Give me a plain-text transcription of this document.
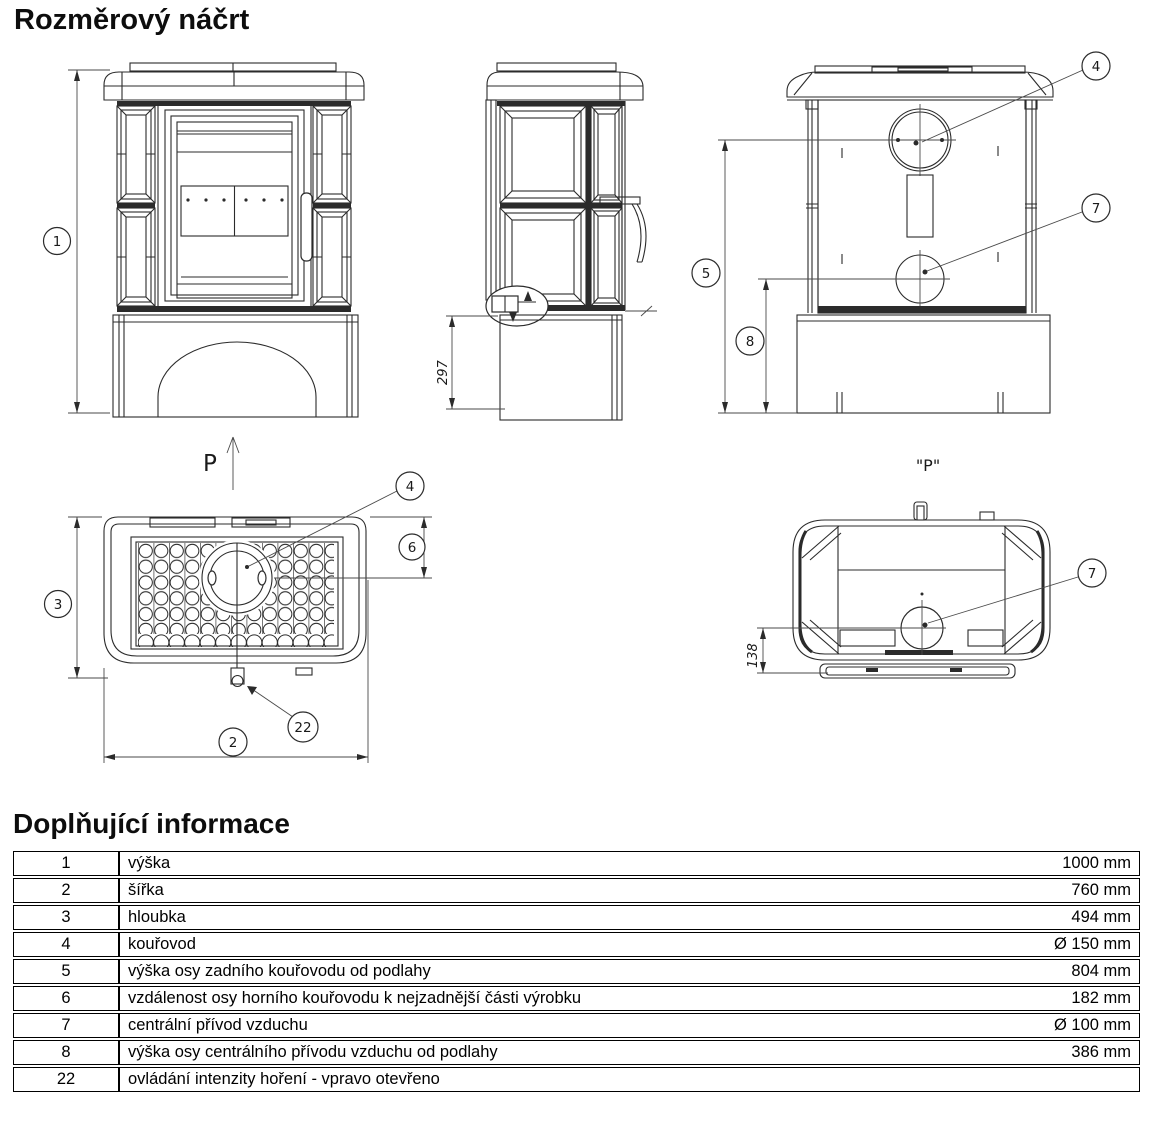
Rozměrový náčrt
1
297
4
7
5
8
P
4
6
3
2
22
"P"
138
7
Doplňující informace
1	výška 1000 mm

2	šířka 760 mm

3	hloubka 494 mm

4	kouřovod Ø 150 mm

5	výška osy zadního kouřovodu od podlahy 804 mm

6	vzdálenost osy horního kouřovodu k nejzadnější části výrobku 182 mm

7	centrální přívod vzduchu Ø 100 mm

8	výška osy centrálního přívodu vzduchu od podlahy 386 mm

22	ovládání intenzity hoření - vpravo otevřeno
